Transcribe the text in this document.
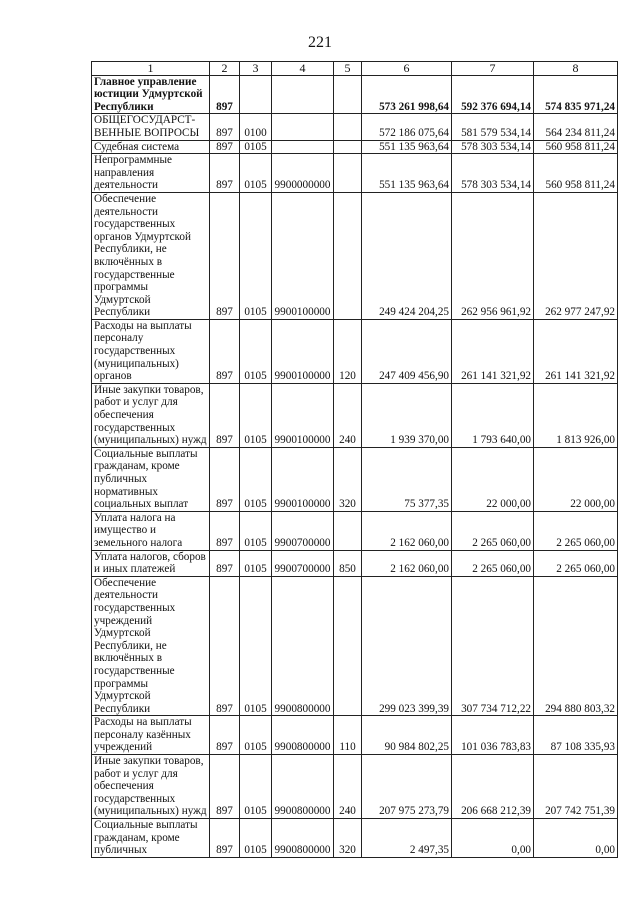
221
1	2	3	4	5	6	7	8
Главное управление юстиции Удмуртской Республики	897				573 261 998,64	592 376 694,14	574 835 971,24
ОБЩЕГОСУДАРСТ-ВЕННЫЕ ВОПРОСЫ	897	0100			572 186 075,64	581 579 534,14	564 234 811,24
Судебная система	897	0105			551 135 963,64	578 303 534,14	560 958 811,24
Непрограммные направления деятельности	897	0105	9900000000		551 135 963,64	578 303 534,14	560 958 811,24
Обеспечение деятельности государственных органов Удмуртской Республики, не включённых в государственные программы Удмуртской Республики	897	0105	9900100000		249 424 204,25	262 956 961,92	262 977 247,92
Расходы на выплаты персоналу государственных (муниципальных) органов	897	0105	9900100000	120	247 409 456,90	261 141 321,92	261 141 321,92
Иные закупки товаров, работ и услуг для обеспечения государственных (муниципальных) нужд	897	0105	9900100000	240	1 939 370,00	1 793 640,00	1 813 926,00
Социальные выплаты гражданам, кроме публичных нормативных социальных выплат	897	0105	9900100000	320	75 377,35	22 000,00	22 000,00
Уплата налога на имущество и земельного налога	897	0105	9900700000		2 162 060,00	2 265 060,00	2 265 060,00
Уплата налогов, сборов и иных платежей	897	0105	9900700000	850	2 162 060,00	2 265 060,00	2 265 060,00
Обеспечение деятельности государственных учреждений Удмуртской Республики, не включённых в государственные программы Удмуртской Республики	897	0105	9900800000		299 023 399,39	307 734 712,22	294 880 803,32
Расходы на выплаты персоналу казённых учреждений	897	0105	9900800000	110	90 984 802,25	101 036 783,83	87 108 335,93
Иные закупки товаров, работ и услуг для обеспечения государственных (муниципальных) нужд	897	0105	9900800000	240	207 975 273,79	206 668 212,39	207 742 751,39
Социальные выплаты гражданам, кроме публичных	897	0105	9900800000	320	2 497,35	0,00	0,00
